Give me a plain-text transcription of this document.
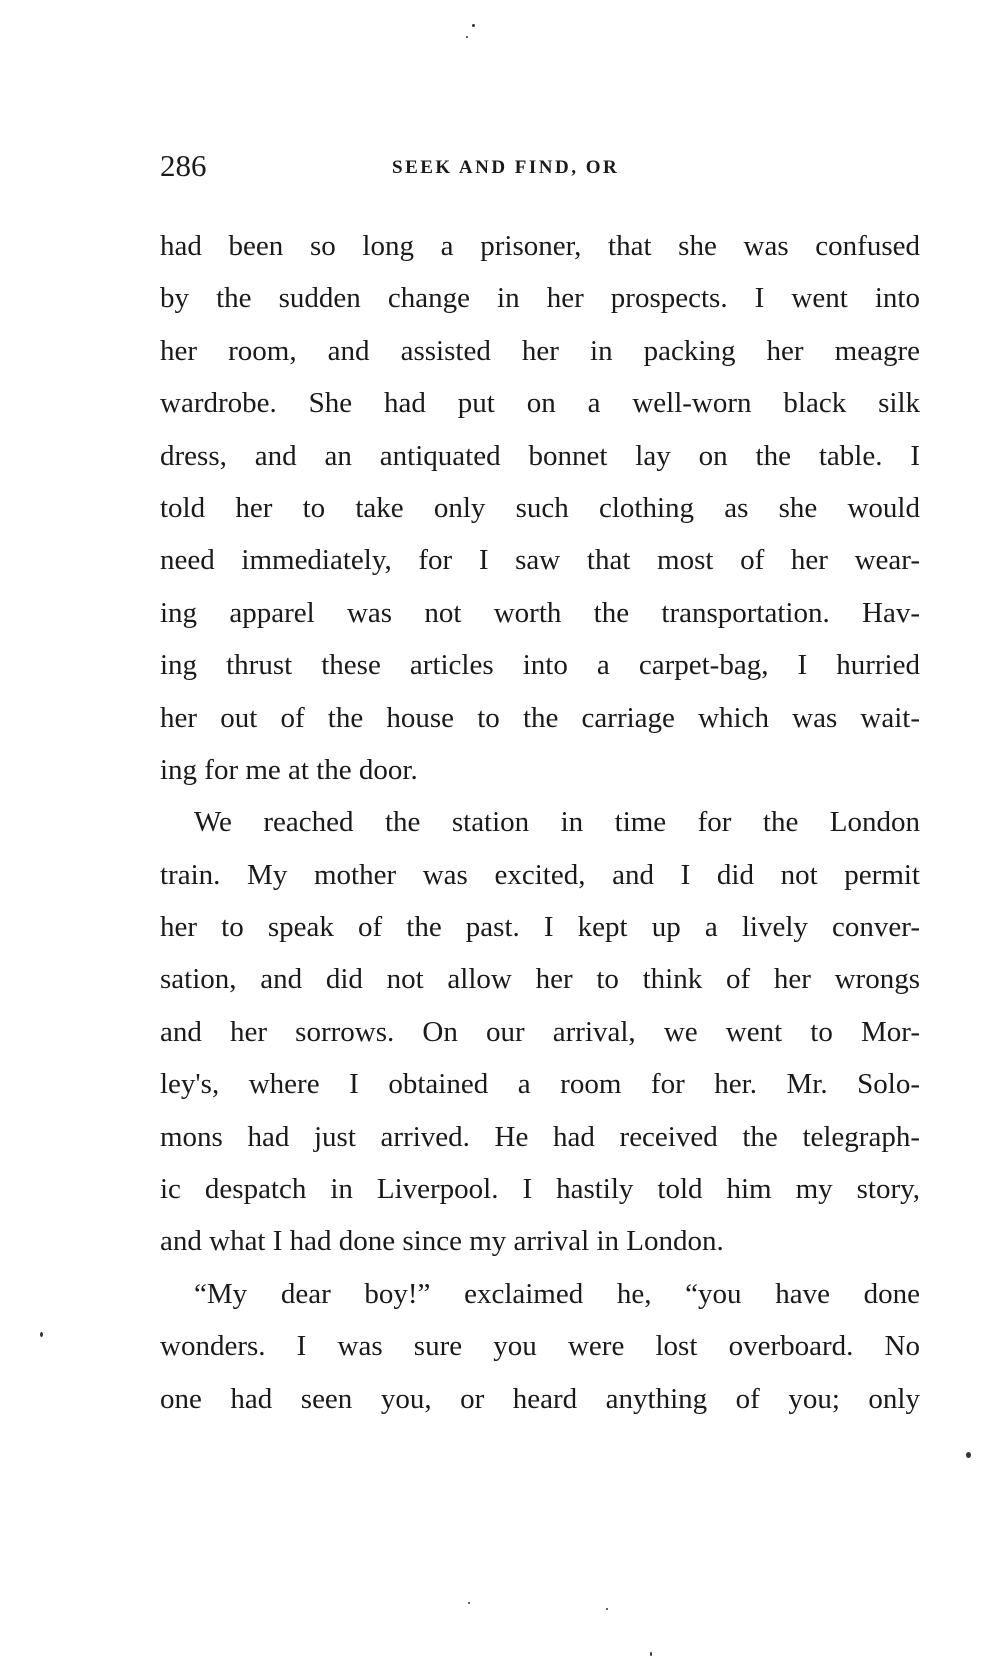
286	SEEK AND FIND, OR
had been so long a prisoner, that she was confused
by the sudden change in her prospects. I went into
her room, and assisted her in packing her meagre
wardrobe. She had put on a well-worn black silk
dress, and an antiquated bonnet lay on the table. I
told her to take only such clothing as she would
need immediately, for I saw that most of her wear-
ing apparel was not worth the transportation. Hav-
ing thrust these articles into a carpet-bag, I hurried
her out of the house to the carriage which was wait-
ing for me at the door.
We reached the station in time for the London
train. My mother was excited, and I did not permit
her to speak of the past. I kept up a lively conver-
sation, and did not allow her to think of her wrongs
and her sorrows. On our arrival, we went to Mor-
ley's, where I obtained a room for her. Mr. Solo-
mons had just arrived. He had received the telegraph-
ic despatch in Liverpool. I hastily told him my story,
and what I had done since my arrival in London.
“My dear boy!” exclaimed he, “you have done
wonders. I was sure you were lost overboard. No
one had seen you, or heard anything of you; only
